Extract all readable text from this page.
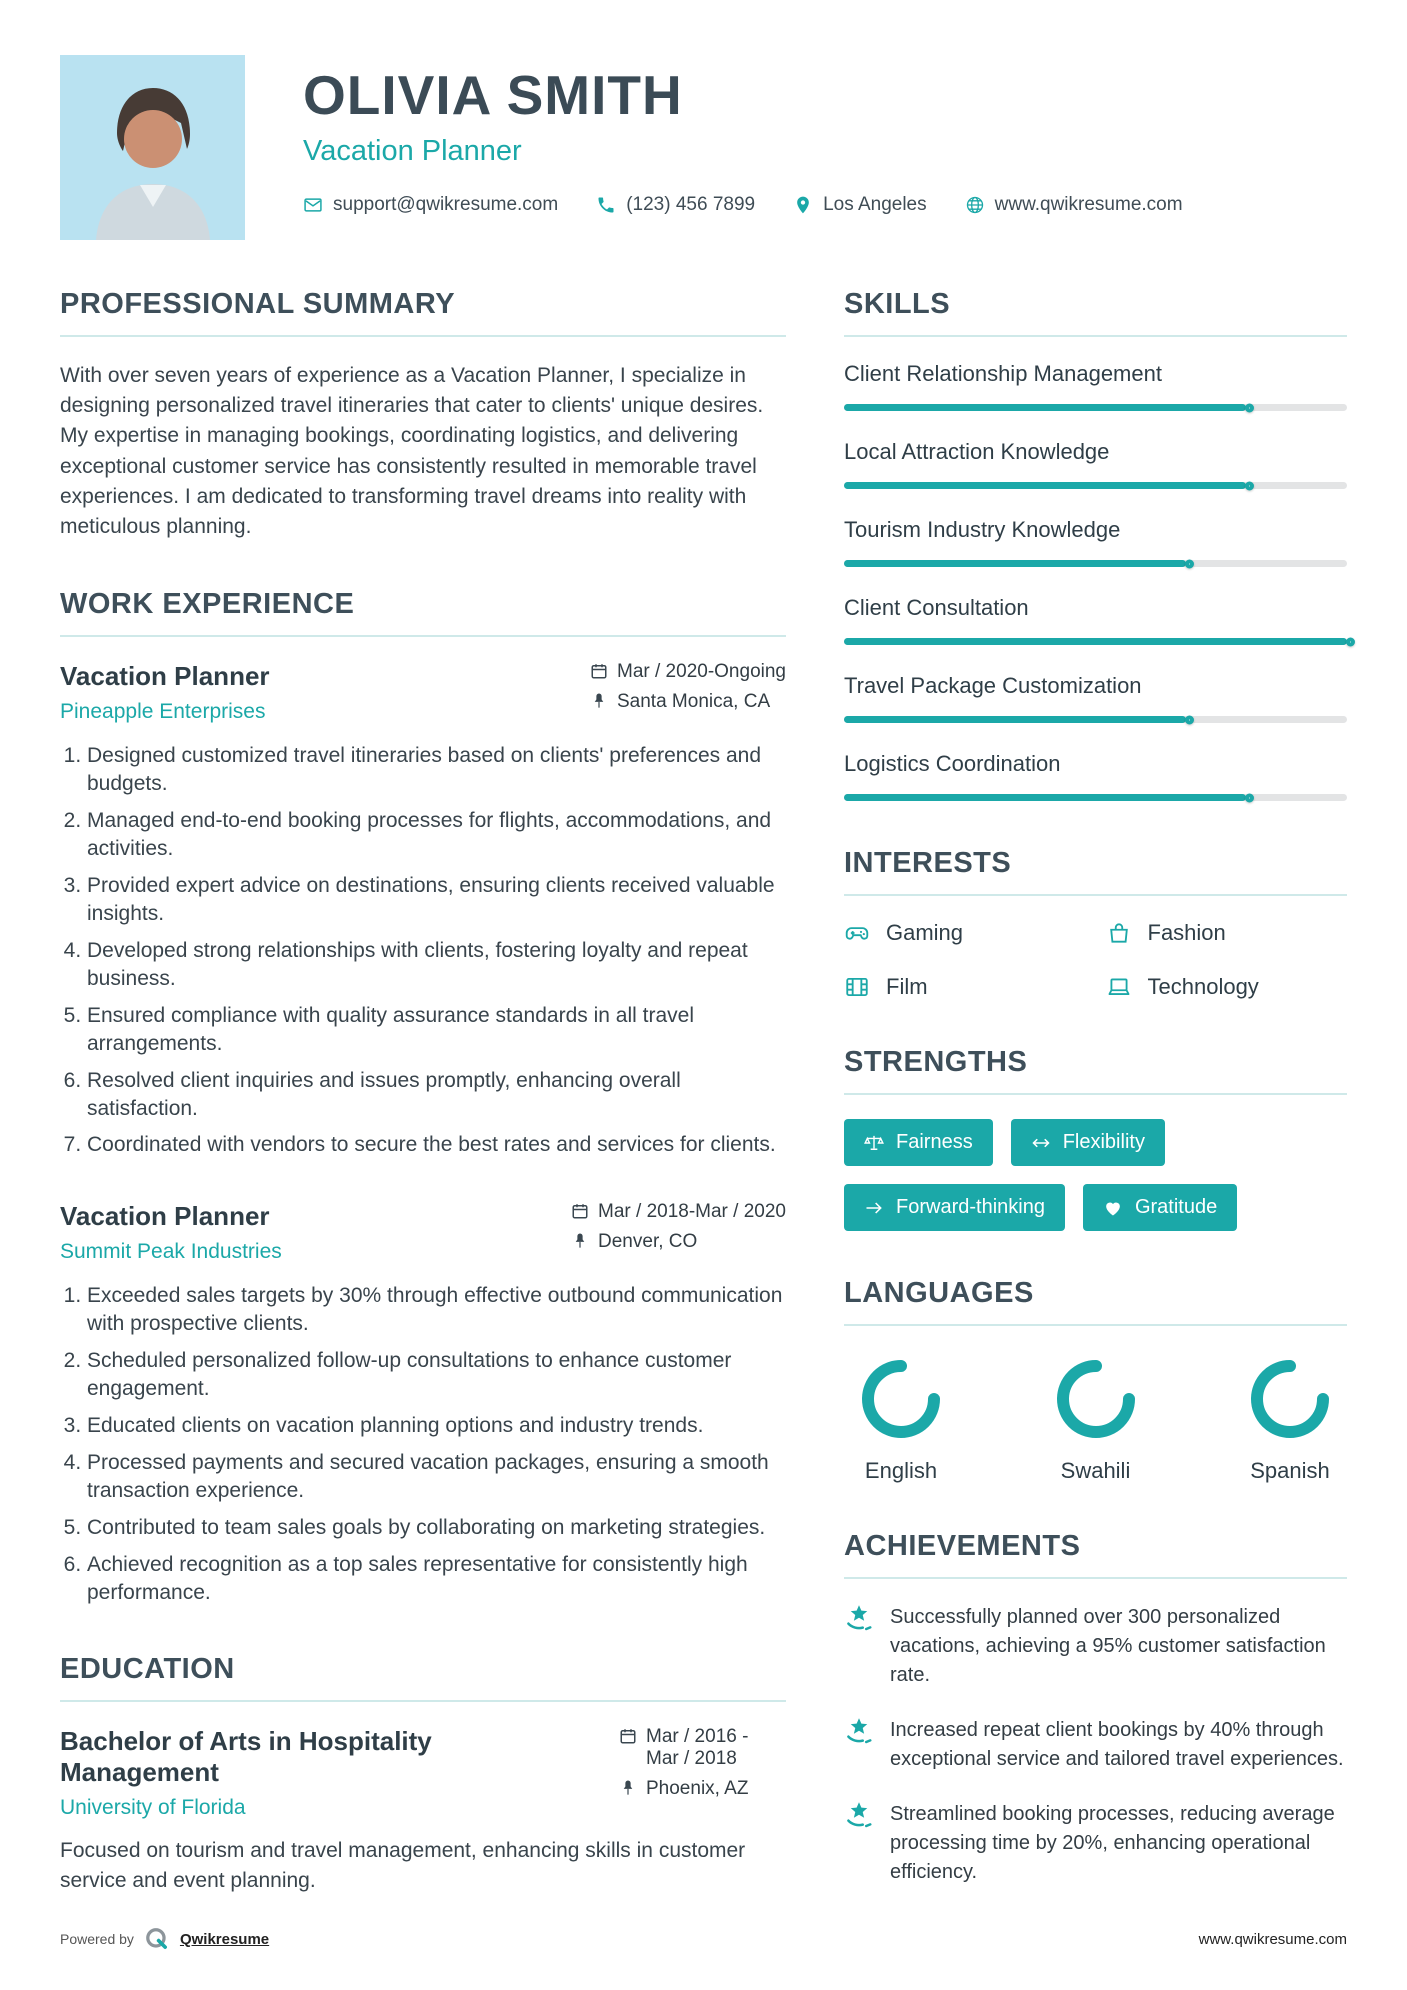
OLIVIA SMITH
Vacation Planner
support@qwikresume.com	(123) 456 7899	Los Angeles	www.qwikresume.com
PROFESSIONAL SUMMARY

With over seven years of experience as a Vacation Planner, I specialize in designing personalized travel itineraries that cater to clients' unique desires. My expertise in managing bookings, coordinating logistics, and delivering exceptional customer service has consistently resulted in memorable travel experiences. I am dedicated to transforming travel dreams into reality with meticulous planning.

WORK EXPERIENCE
Vacation Planner
Pineapple Enterprises
Mar / 2020-Ongoing
Santa Monica, CA
1. Designed customized travel itineraries based on clients' preferences and budgets.
2. Managed end-to-end booking processes for flights, accommodations, and activities.
3. Provided expert advice on destinations, ensuring clients received valuable insights.
4. Developed strong relationships with clients, fostering loyalty and repeat business.
5. Ensured compliance with quality assurance standards in all travel arrangements.
6. Resolved client inquiries and issues promptly, enhancing overall satisfaction.
7. Coordinated with vendors to secure the best rates and services for clients.
Vacation Planner
Summit Peak Industries
Mar / 2018-Mar / 2020
Denver, CO
1. Exceeded sales targets by 30% through effective outbound communication with prospective clients.
2. Scheduled personalized follow-up consultations to enhance customer engagement.
3. Educated clients on vacation planning options and industry trends.
4. Processed payments and secured vacation packages, ensuring a smooth transaction experience.
5. Contributed to team sales goals by collaborating on marketing strategies.
6. Achieved recognition as a top sales representative for consistently high performance.
EDUCATION
Bachelor of Arts in Hospitality Management
University of Florida
Mar / 2016 - Mar / 2018
Phoenix, AZ

Focused on tourism and travel management, enhancing skills in customer service and event planning.

SKILLS
Client Relationship Management
Local Attraction Knowledge
Tourism Industry Knowledge
Client Consultation
Travel Package Customization
Logistics Coordination
INTERESTS
Gaming	Fashion
Film	Technology
STRENGTHS
Fairness	Flexibility
Forward-thinking	Gratitude
LANGUAGES
English	Swahili	Spanish
ACHIEVEMENTS
Successfully planned over 300 personalized vacations, achieving a 95% customer satisfaction rate.
Increased repeat client bookings by 40% through exceptional service and tailored travel experiences.
Streamlined booking processes, reducing average processing time by 20%, enhancing operational efficiency.
Powered by	Qwikresume	www.qwikresume.com
